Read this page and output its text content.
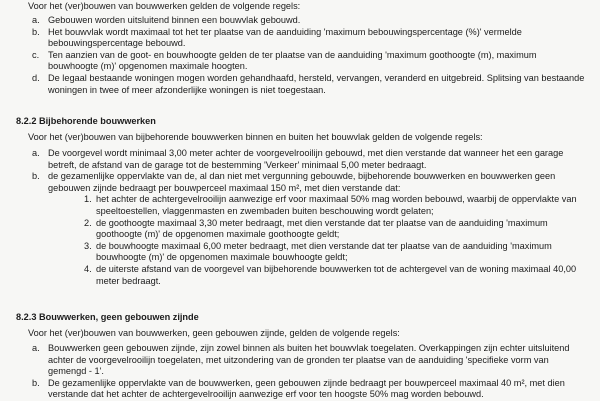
Voor het (ver)bouwen van bouwwerken gelden de volgende regels:
a. Gebouwen worden uitsluitend binnen een bouwvlak gebouwd.
b. Het bouwvlak wordt maximaal tot het ter plaatse van de aanduiding 'maximum bebouwingspercentage (%)' vermelde bebouwingspercentage bebouwd.
c. Ten aanzien van de goot- en bouwhoogte gelden de ter plaatse van de aanduiding 'maximum goothoogte (m), maximum bouwhoogte (m)' opgenomen maximale hoogten.
d. De legaal bestaande woningen mogen worden gehandhaafd, hersteld, vervangen, veranderd en uitgebreid. Splitsing van bestaande woningen in twee of meer afzonderlijke woningen is niet toegestaan.
8.2.2 Bijbehorende bouwwerken
Voor het (ver)bouwen van bijbehorende bouwwerken binnen en buiten het bouwvlak gelden de volgende regels:
a. De voorgevel wordt minimaal 3,00 meter achter de voorgevelrooilijn gebouwd, met dien verstande dat wanneer het een garage betreft, de afstand van de garage tot de bestemming 'Verkeer' minimaal 5,00 meter bedraagt.
b. de gezamenlijke oppervlakte van de, al dan niet met vergunning gebouwde, bijbehorende bouwwerken en bouwwerken geen gebouwen zijnde bedraagt per bouwperceel maximaal 150 m², met dien verstande dat:
1. het achter de achtergevelrooilijn aanwezige erf voor maximaal 50% mag worden bebouwd, waarbij de oppervlakte van speeltoestellen, vlaggenmasten en zwembaden buiten beschouwing wordt gelaten;
2. de goothoogte maximaal 3,30 meter bedraagt, met dien verstande dat ter plaatse van de aanduiding 'maximum goothoogte (m)' de opgenomen maximale goothoogte geldt;
3. de bouwhoogte maximaal 6,00 meter bedraagt, met dien verstande dat ter plaatse van de aanduiding 'maximum bouwhoogte (m)' de opgenomen maximale bouwhoogte geldt;
4. de uiterste afstand van de voorgevel van bijbehorende bouwwerken tot de achtergevel van de woning maximaal 40,00 meter bedraagt.
8.2.3 Bouwwerken, geen gebouwen zijnde
Voor het (ver)bouwen van bouwwerken, geen gebouwen zijnde, gelden de volgende regels:
a. Bouwwerken geen gebouwen zijnde, zijn zowel binnen als buiten het bouwvlak toegelaten. Overkappingen zijn echter uitsluitend achter de voorgevelrooilijn toegelaten, met uitzondering van de gronden ter plaatse van de aanduiding 'specifieke vorm van gemengd - 1'.
b. De gezamenlijke oppervlakte van de bouwwerken, geen gebouwen zijnde bedraagt per bouwperceel maximaal 40 m², met dien verstande dat het achter de achtergevelrooilijn aanwezige erf voor ten hoogste 50% mag worden bebouwd.
